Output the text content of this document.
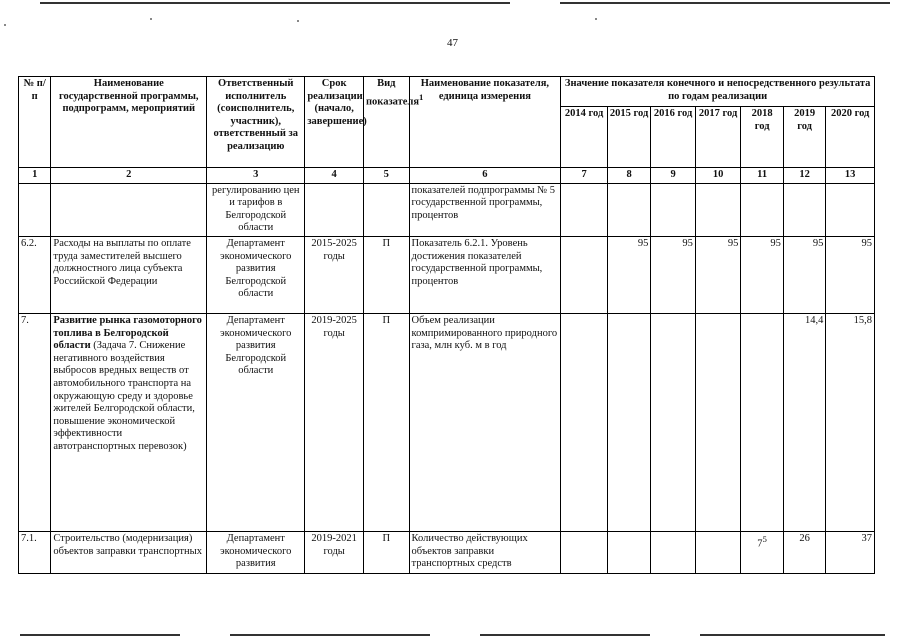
47
№ п/п	Наименование государственной программы, подпрограмм, мероприятий	Ответственный исполнитель (соисполнитель, участник), ответственный за реализацию	Срок реализации (начало, завершение)	Вид показателя$^1$	Наименование показателя, единица измерения	Значение показателя конечного и непосредственного результата по годам реализации						
						2014 год	2015 год	2016 год	2017 год	2018 год	2019 год	2020 год
1	2	3	4	5	6	7	8	9	10	11	12	13
		регулированию цен и тарифов в Белгородской области			показателей подпрограммы № 5 государственной программы, процентов							
6.2.	Расходы на выплаты по оплате труда заместителей высшего должностного лица субъекта Российской Федерации	Департамент экономического развития Белгородской области	2015-2025 годы	П	Показатель 6.2.1. Уровень достижения показателей государственной программы, процентов		95	95	95	95	95	95
7.	Развитие рынка газомоторного топлива в Белгородской области (Задача 7. Снижение негативного воздействия выбросов вредных веществ от автомобильного транспорта на окружающую среду и здоровье жителей Белгородской области, повышение экономической эффективности автотранспортных перевозок)	Департамент экономического развития Белгородской области	2019-2025 годы	П	Объем реализации компримированного природного газа, млн куб. м в год						14,4	15,8
7.1.	Строительство (модернизация) объектов заправки транспортных	Департамент экономического развития	2019-2021 годы	П	Количество действующих объектов заправки транспортных средств					$7^5$	26	37
